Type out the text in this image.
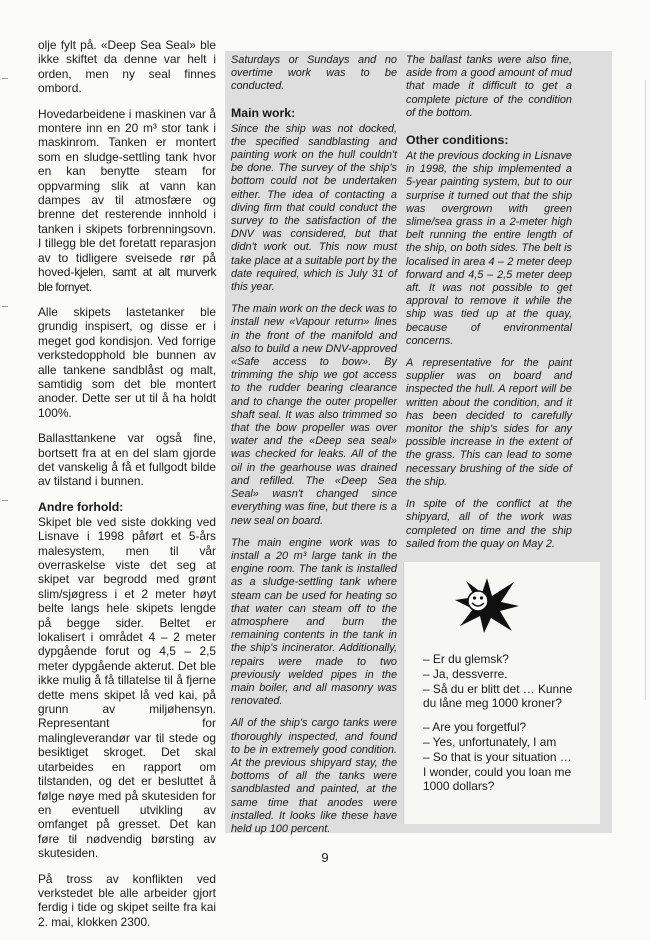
olje fylt på. «Deep Sea Seal» ble ikke skiftet da denne var helt i orden, men ny seal finnes ombord.

Hovedarbeidene i maskinen var å montere inn en 20 m³ stor tank i maskinrom. Tanken er montert som en sludge-settling tank hvor en kan benytte steam for oppvarming slik at vann kan dampes av til atmosfære og brenne det resterende innhold i tanken i skipets forbrenningsovn. I tillegg ble det foretatt reparasjon av to tidligere sveisede rør på hoved-kjelen, samt at alt murverk ble fornyet.

Alle skipets lastetanker ble grundig inspisert, og disse er i meget god kondisjon. Ved forrige verkstedopphold ble bunnen av alle tankene sandblåst og malt, samtidig som det ble montert anoder. Dette ser ut til å ha holdt 100%.

Ballasttankene var også fine, bortsett fra at en del slam gjorde det vanskelig å få et fullgodt bilde av tilstand i bunnen.

Andre forhold:

Skipet ble ved siste dokking ved Lisnave i 1998 påført et 5-års malesystem, men til vår overraskelse viste det seg at skipet var begrodd med grønt slim/sjøgress i et 2 meter høyt belte langs hele skipets lengde på begge sider. Beltet er lokalisert i området 4 – 2 meter dypgående forut og 4,5 – 2,5 meter dypgående akterut. Det ble ikke mulig å få tillatelse til å fjerne dette mens skipet lå ved kai, på grunn av miljøhensyn. Representant for malingleverandør var til stede og besiktiget skroget. Det skal utarbeides en rapport om tilstanden, og det er besluttet å følge nøye med på skutesiden for en eventuell utvikling av omfanget på gresset. Det kan føre til nødvendig børsting av skutesiden.

På tross av konflikten ved verkstedet ble alle arbeider gjort ferdig i tide og skipet seilte fra kai 2. mai, klokken 2300.

Saturdays or Sundays and no overtime work was to be conducted.

Main work:

Since the ship was not docked, the specified sandblasting and painting work on the hull couldn't be done. The survey of the ship's bottom could not be undertaken either. The idea of contacting a diving firm that could conduct the survey to the satisfaction of the DNV was considered, but that didn't work out. This now must take place at a suitable port by the date required, which is July 31 of this year.

The main work on the deck was to install new «Vapour return» lines in the front of the manifold and also to build a new DNV-approved «Safe access to bow». By trimming the ship we got access to the rudder bearing clearance and to change the outer propeller shaft seal. It was also trimmed so that the bow propeller was over water and the «Deep sea seal» was checked for leaks. All of the oil in the gearhouse was drained and refilled. The «Deep Sea Seal» wasn't changed since everything was fine, but there is a new seal on board.

The main engine work was to install a 20 m³ large tank in the engine room. The tank is installed as a sludge-settling tank where steam can be used for heating so that water can steam off to the atmosphere and burn the remaining contents in the tank in the ship's incinerator. Additionally, repairs were made to two previously welded pipes in the main boiler, and all masonry was renovated.

All of the ship's cargo tanks were thoroughly inspected, and found to be in extremely good condition. At the previous shipyard stay, the bottoms of all the tanks were sandblasted and painted, at the same time that anodes were installed. It looks like these have held up 100 percent.

The ballast tanks were also fine, aside from a good amount of mud that made it difficult to get a complete picture of the condition of the bottom.

Other conditions:

At the previous docking in Lisnave in 1998, the ship implemented a 5-year painting system, but to our surprise it turned out that the ship was overgrown with green slime/sea grass in a 2-meter high belt running the entire length of the ship, on both sides. The belt is localised in area 4 – 2 meter deep forward and 4,5 – 2,5 meter deep aft. It was not possible to get approval to remove it while the ship was tied up at the quay, because of environmental concerns.

A representative for the paint supplier was on board and inspected the hull. A report will be written about the condition, and it has been decided to carefully monitor the ship's sides for any possible increase in the extent of the grass. This can lead to some necessary brushing of the side of the ship.

In spite of the conflict at the shipyard, all of the work was completed on time and the ship sailed from the quay on May 2.

– Er du glemsk?
– Ja, dessverre.
– Så du er blitt det … Kunne
du låne meg 1000 kroner?
– Are you forgetful?
– Yes, unfortunately, I am
– So that is your situation …
I wonder, could you loan me
1000 dollars?
9
